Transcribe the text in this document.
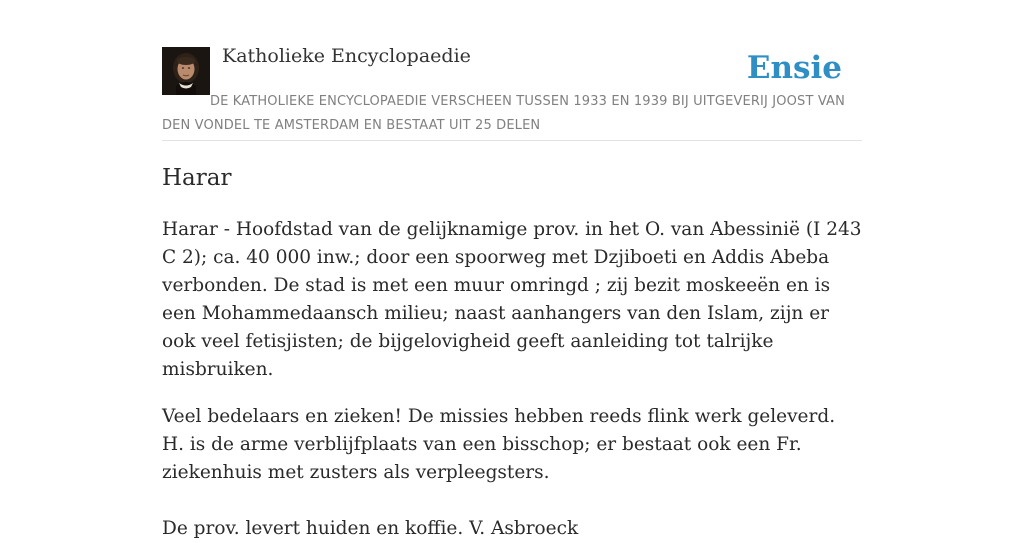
Katholieke Encyclopaedie	Ensie
DE KATHOLIEKE ENCYCLOPAEDIE VERSCHEEN TUSSEN 1933 EN 1939 BIJ UITGEVERIJ JOOST VAN DEN VONDEL TE AMSTERDAM EN BESTAAT UIT 25 DELEN
Harar

Harar - Hoofdstad van de gelijknamige prov. in het O. van Abessinië (I 243 C 2); ca. 40 000 inw.; door een spoorweg met Dzjiboeti en Addis Abeba verbonden. De stad is met een muur omringd ; zij bezit moskeeën en is een Mohammedaansch milieu; naast aanhangers van den Islam, zijn er ook veel fetisjisten; de bijgelovigheid geeft aanleiding tot talrijke misbruiken.

Veel bedelaars en zieken! De missies hebben reeds flink werk geleverd. H. is de arme verblijfplaats van een bisschop; er bestaat ook een Fr. ziekenhuis met zusters als verpleegsters.

De prov. levert huiden en koffie. V. Asbroeck
